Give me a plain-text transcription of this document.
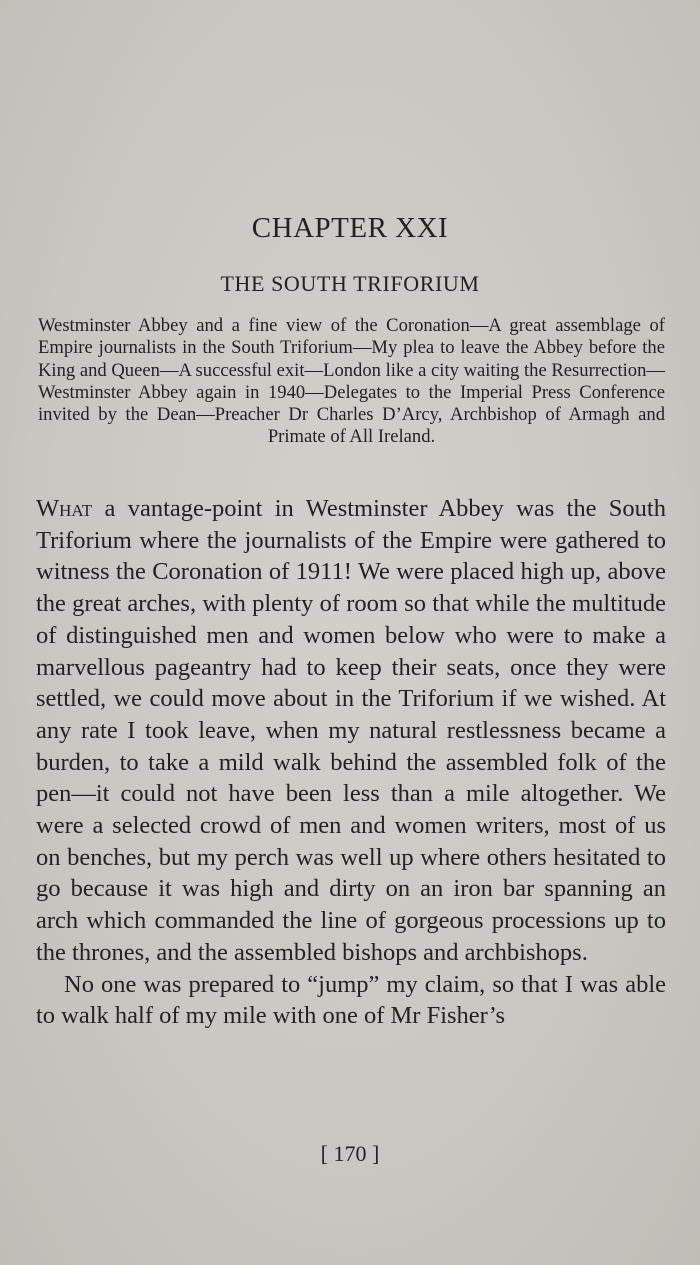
CHAPTER XXI
THE SOUTH TRIFORIUM
Westminster Abbey and a fine view of the Coronation—A great assemblage of Empire journalists in the South Triforium—My plea to leave the Abbey before the King and Queen—A successful exit—London like a city waiting the Resurrection—Westminster Abbey again in 1940—Delegates to the Imperial Press Conference invited by the Dean—Preacher Dr Charles D’Arcy, Archbishop of Armagh and Primate of All Ireland.

What a vantage-point in Westminster Abbey was the South Triforium where the journalists of the Empire were gathered to witness the Coronation of 1911! We were placed high up, above the great arches, with plenty of room so that while the multitude of distinguished men and women below who were to make a marvellous pageantry had to keep their seats, once they were settled, we could move about in the Triforium if we wished. At any rate I took leave, when my natural restlessness became a burden, to take a mild walk behind the assembled folk of the pen—it could not have been less than a mile altogether. We were a selected crowd of men and women writers, most of us on benches, but my perch was well up where others hesitated to go because it was high and dirty on an iron bar spanning an arch which commanded the line of gorgeous processions up to the thrones, and the assembled bishops and archbishops.

No one was prepared to “jump” my claim, so that I was able to walk half of my mile with one of Mr Fisher’s

[ 170 ]
